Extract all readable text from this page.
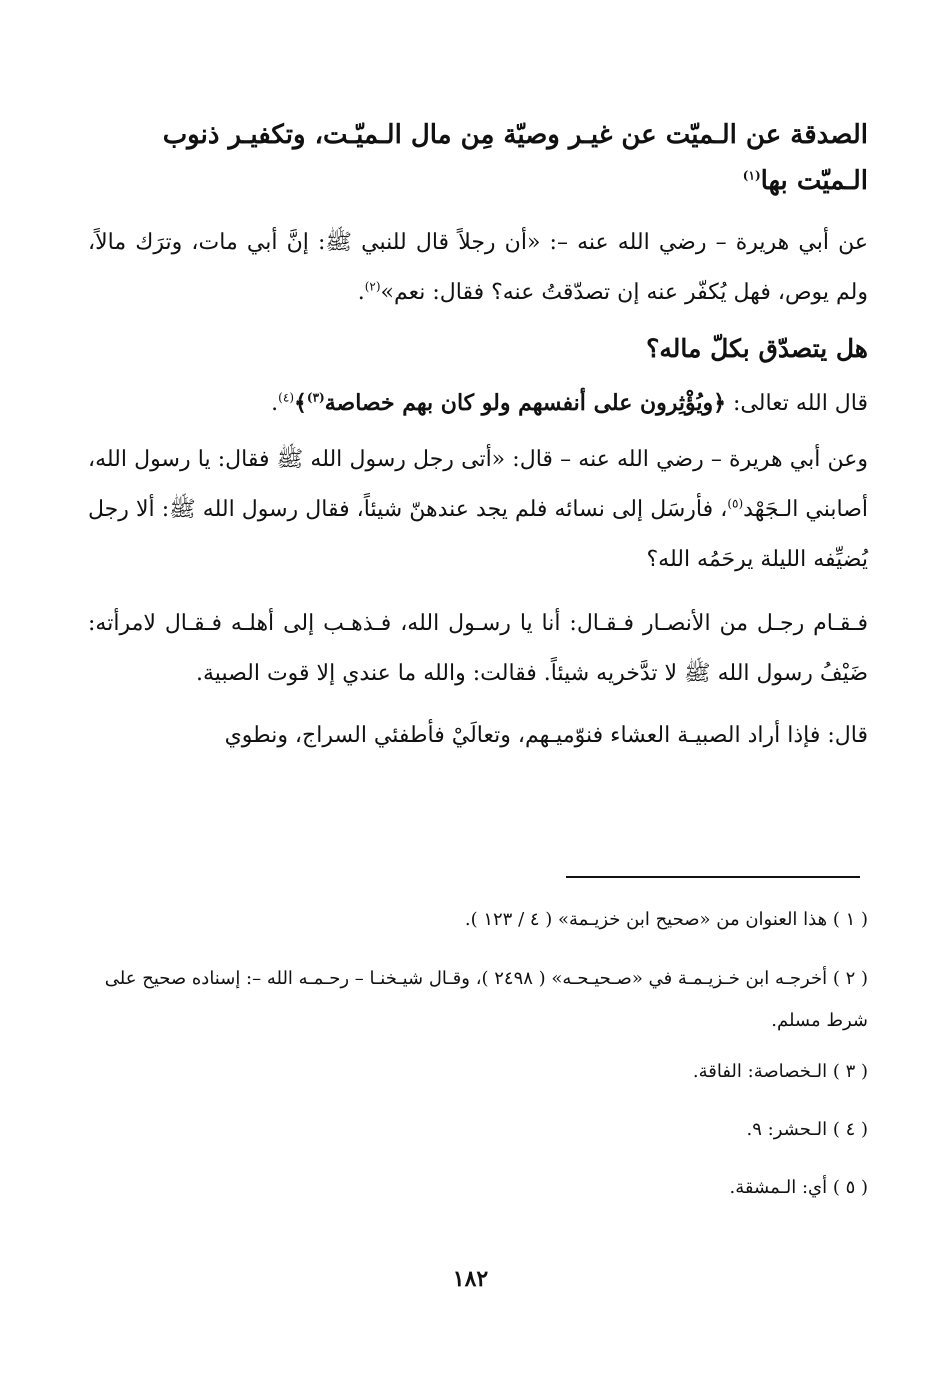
الصدقة عن الـميّت عن غيـر وصيّة مِن مال الـميّـت، وتكفيـر ذنوب
الـميّت بها$^{(١)}$

عن أبي هريرة – رضي الله عنه –: «أن رجلاً قال للنبي ﷺ: إنَّ أبي مات، وترَك مالاً، ولم يوص، فهل يُكفّر عنه إن تصدّقتُ عنه؟ فقال: نعم»$^{(٢)}$.

هل يتصدّق بكلّ ماله؟

قال الله تعالى: ﴿ويُؤْثِرون على أنفسهم ولو كان بهم خصاصة$^{(٣)}$﴾$^{(٤)}$.

وعن أبي هريرة – رضي الله عنه – قال: «أتى رجل رسول الله ﷺ فقال: يا رسول الله، أصابني الـجَهْد$^{(٥)}$، فأرسَل إلى نسائه فلم يجد عندهنّ شيئاً، فقال رسول الله ﷺ: ألا رجل يُضيِّفه الليلة يرحَمُه الله؟

فـقـام رجـل من الأنصـار فـقـال: أنا يا رسـول الله، فـذهـب إلى أهلـه فـقـال لامرأته: ضَيْفُ رسول الله ﷺ لا تدَّخريه شيئاً. فقالت: والله ما عندي إلا قوت الصبية.

قال: فإذا أراد الصبيـة العشاء فنوّميـهم، وتعالَيْ فأطفئي السراج، ونطوي

( ١ ) هذا العنوان من «صحيح ابن خزيـمة» ( ٤ / ١٢٣ ).

( ٢ ) أخرجـه ابن خـزيـمـة في «صـحيـحـه» ( ٢٤٩٨ )، وقـال شيـخنـا – رحـمـه الله –: إسناده صحيح على شرط مسلم.

( ٣ ) الـخصاصة: الفاقة.

( ٤ ) الـحشر: ٩.

( ٥ ) أي: الـمشقة.

١٨٢
